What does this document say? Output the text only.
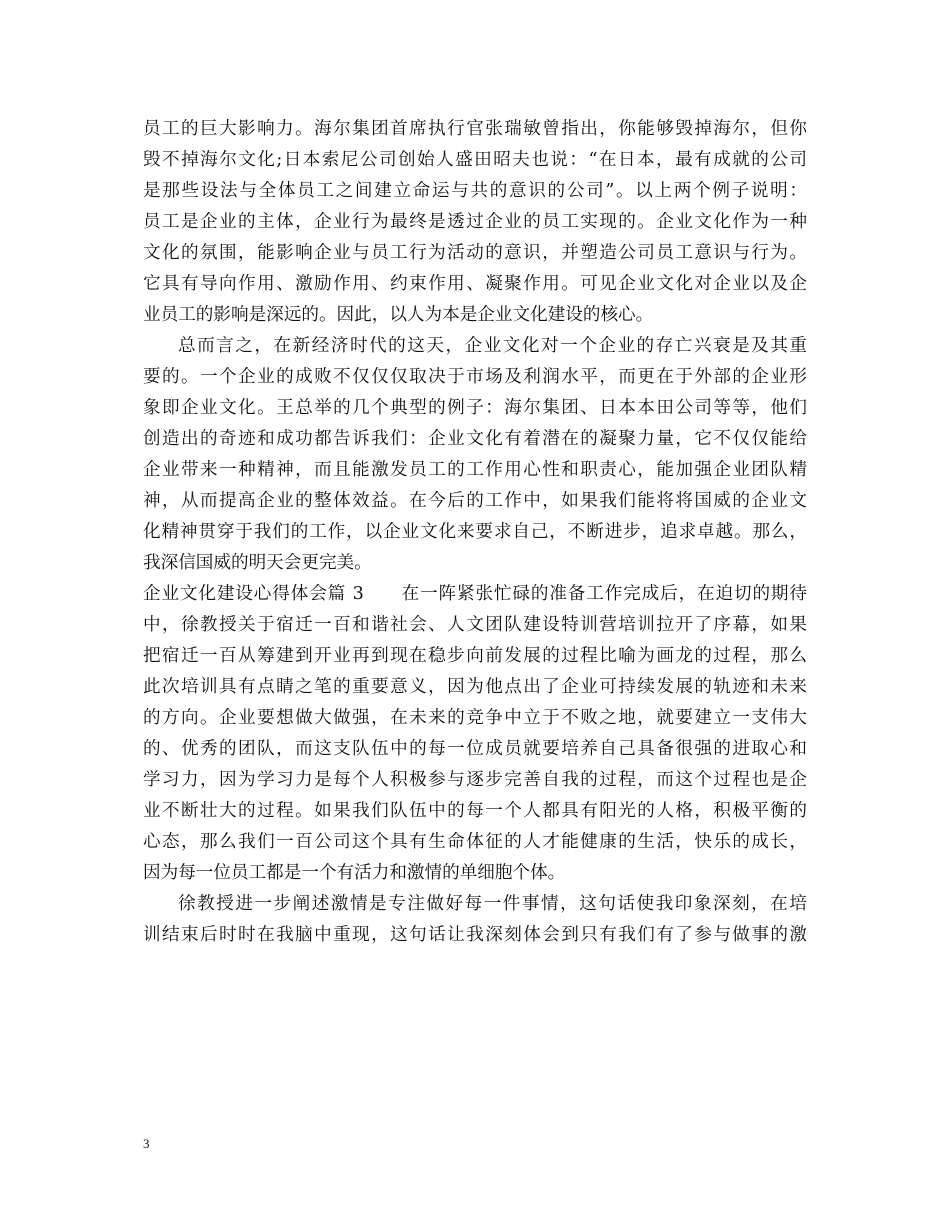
员工的巨大影响力。海尔集团首席执行官张瑞敏曾指出，你能够毁掉海尔，但你
毁不掉海尔文化;日本索尼公司创始人盛田昭夫也说：“在日本，最有成就的公司
是那些设法与全体员工之间建立命运与共的意识的公司”。以上两个例子说明：
员工是企业的主体，企业行为最终是透过企业的员工实现的。企业文化作为一种
文化的氛围，能影响企业与员工行为活动的意识，并塑造公司员工意识与行为。
它具有导向作用、激励作用、约束作用、凝聚作用。可见企业文化对企业以及企
业员工的影响是深远的。因此，以人为本是企业文化建设的核心。
总而言之，在新经济时代的这天，企业文化对一个企业的存亡兴衰是及其重
要的。一个企业的成败不仅仅仅取决于市场及利润水平，而更在于外部的企业形
象即企业文化。王总举的几个典型的例子：海尔集团、日本本田公司等等，他们
创造出的奇迹和成功都告诉我们：企业文化有着潜在的凝聚力量，它不仅仅能给
企业带来一种精神，而且能激发员工的工作用心性和职责心，能加强企业团队精
神，从而提高企业的整体效益。在今后的工作中，如果我们能将将国威的企业文
化精神贯穿于我们的工作，以企业文化来要求自己，不断进步，追求卓越。那么，
我深信国威的明天会更完美。
企业文化建设心得体会篇 3　　在一阵紧张忙碌的准备工作完成后，在迫切的期待
中，徐教授关于宿迁一百和谐社会、人文团队建设特训营培训拉开了序幕，如果
把宿迁一百从筹建到开业再到现在稳步向前发展的过程比喻为画龙的过程，那么
此次培训具有点睛之笔的重要意义，因为他点出了企业可持续发展的轨迹和未来
的方向。企业要想做大做强，在未来的竞争中立于不败之地，就要建立一支伟大
的、优秀的团队，而这支队伍中的每一位成员就要培养自己具备很强的进取心和
学习力，因为学习力是每个人积极参与逐步完善自我的过程，而这个过程也是企
业不断壮大的过程。如果我们队伍中的每一个人都具有阳光的人格，积极平衡的
心态，那么我们一百公司这个具有生命体征的人才能健康的生活，快乐的成长，
因为每一位员工都是一个有活力和激情的单细胞个体。
徐教授进一步阐述激情是专注做好每一件事情，这句话使我印象深刻，在培
训结束后时时在我脑中重现，这句话让我深刻体会到只有我们有了参与做事的激
3
